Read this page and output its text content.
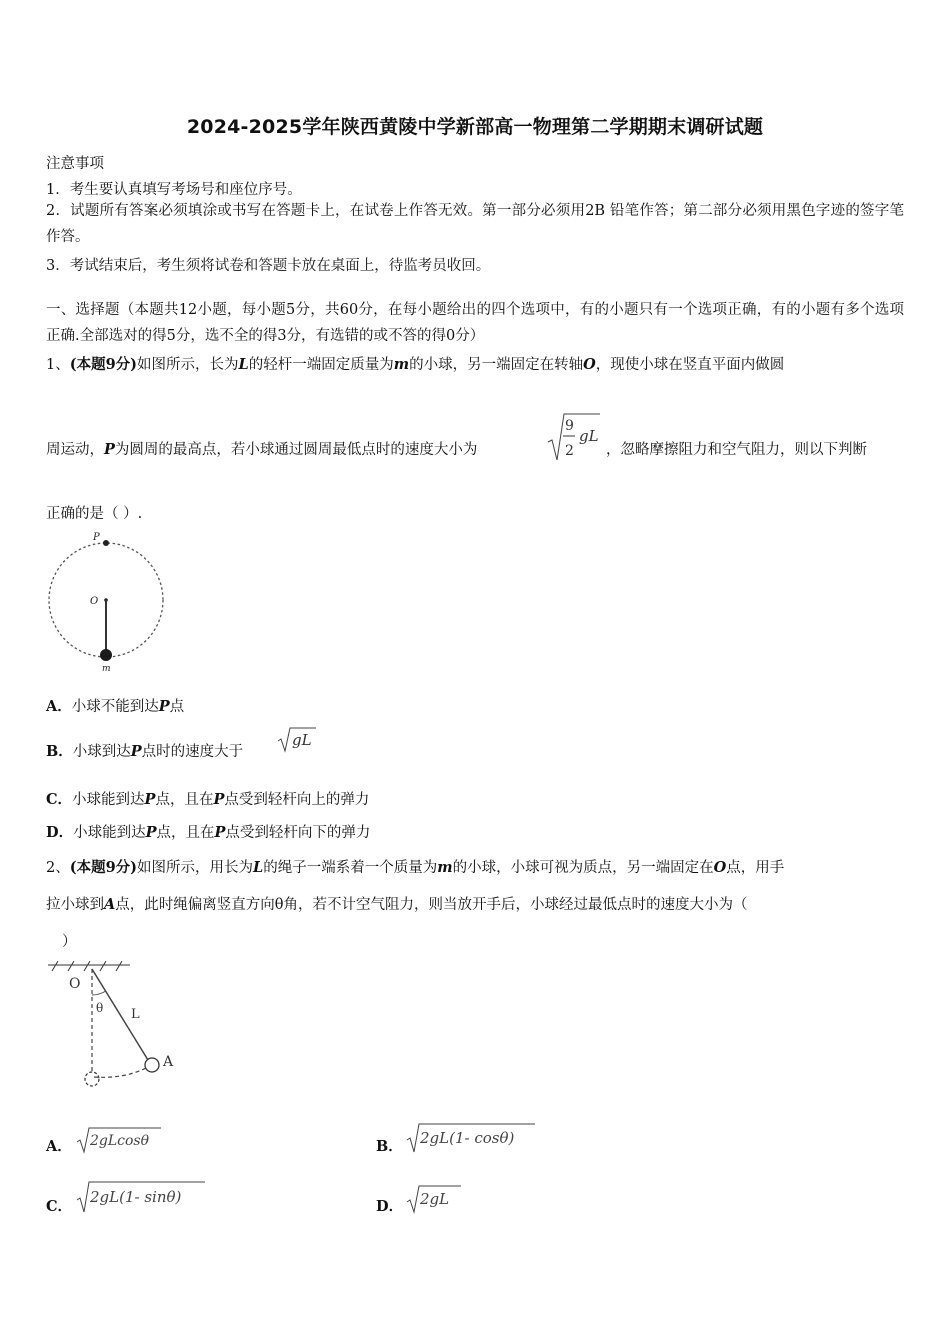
2024-2025学年陕西黄陵中学新部高一物理第二学期期末调研试题
注意事项
1．考生要认真填写考场号和座位序号。
2．试题所有答案必须填涂或书写在答题卡上，在试卷上作答无效。第一部分必须用2B 铅笔作答；第二部分必须用黑色字迹的签字笔作答。
3．考试结束后，考生须将试卷和答题卡放在桌面上，待监考员收回。
一、选择题（本题共12小题，每小题5分，共60分，在每小题给出的四个选项中，有的小题只有一个选项正确，有的小题有多个选项正确.全部选对的得5分，选不全的得3分，有选错的或不答的得0分）
1、(本题9分)如图所示，长为L的轻杆一端固定质量为m的小球，另一端固定在转轴O，现使小球在竖直平面内做圆
周运动，P为圆周的最高点，若小球通过圆周最低点时的速度大小为
9
2
gL
，忽略摩擦阻力和空气阻力，则以下判断
正确的是（ ）.
P
O
m
A．小球不能到达P点
B．小球到达P点时的速度大于
gL
C．小球能到达P点，且在P点受到轻杆向上的弹力
D．小球能到达P点，且在P点受到轻杆向下的弹力
2、(本题9分)如图所示，用长为L的绳子一端系着一个质量为m的小球，小球可视为质点，另一端固定在O点，用手
拉小球到A点，此时绳偏离竖直方向θ角，若不计空气阻力，则当放开手后，小球经过最低点时的速度大小为（
）
O
θ L
A
A． 2gLcosθ	B． 2gL(1- cosθ)
C．
2gL(1- sinθ)
D． 2gL
